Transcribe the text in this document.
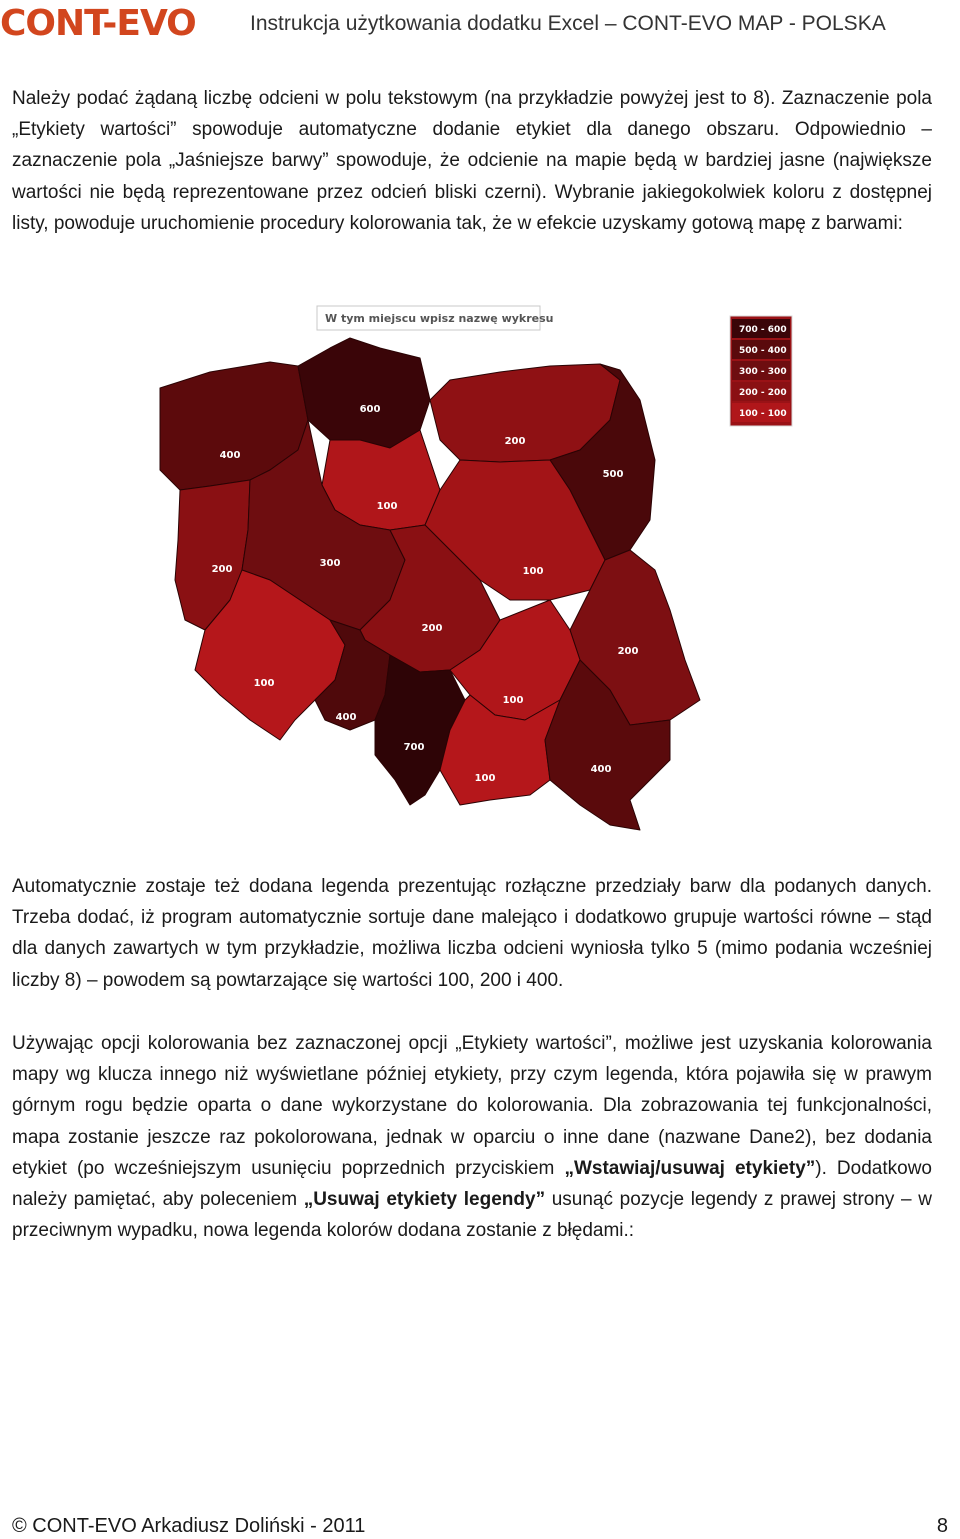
CONT-EVO	Instrukcja użytkowania dodatku Excel – CONT-EVO MAP - POLSKA

Należy podać żądaną liczbę odcieni w polu tekstowym (na przykładzie powyżej jest to 8). Zaznaczenie pola „Etykiety wartości” spowoduje automatyczne dodanie etykiet dla danego obszaru. Odpowiednio – zaznaczenie pola „Jaśniejsze barwy” spowoduje, że odcienie na mapie będą w bardziej jasne (największe wartości nie będą reprezentowane przez odcień bliski czerni). Wybranie jakiegokolwiek koloru z dostępnej listy, powoduje uruchomienie procedury kolorowania tak, że w efekcie uzyskamy gotową mapę z barwami:

W tym miejscu wpisz nazwę wykresu
400
600
200
500
100
200
300
100
200
200
100
400
700
100
100
400
700 - 600
500 - 400
300 - 300
200 - 200
100 - 100

Automatycznie zostaje też dodana legenda prezentując rozłączne przedziały barw dla podanych danych. Trzeba dodać, iż program automatycznie sortuje dane malejąco i dodatkowo grupuje wartości równe – stąd dla danych zawartych w tym przykładzie, możliwa liczba odcieni wyniosła tylko 5 (mimo podania wcześniej liczby 8) – powodem są powtarzające się wartości 100, 200 i 400.

Używając opcji kolorowania bez zaznaczonej opcji „Etykiety wartości”, możliwe jest uzyskania kolorowania mapy wg klucza innego niż wyświetlane później etykiety, przy czym legenda, która pojawiła się w prawym górnym rogu będzie oparta o dane wykorzystane do kolorowania. Dla zobrazowania tej funkcjonalności, mapa zostanie jeszcze raz pokolorowana, jednak w oparciu o inne dane (nazwane Dane2), bez dodania etykiet (po wcześniejszym usunięciu poprzednich przyciskiem „Wstawiaj/usuwaj etykiety”). Dodatkowo należy pamiętać, aby poleceniem „Usuwaj etykiety legendy” usunąć pozycje legendy z prawej strony – w przeciwnym wypadku, nowa legenda kolorów dodana zostanie z błędami.:

© CONT-EVO Arkadiusz Doliński - 2011	8
